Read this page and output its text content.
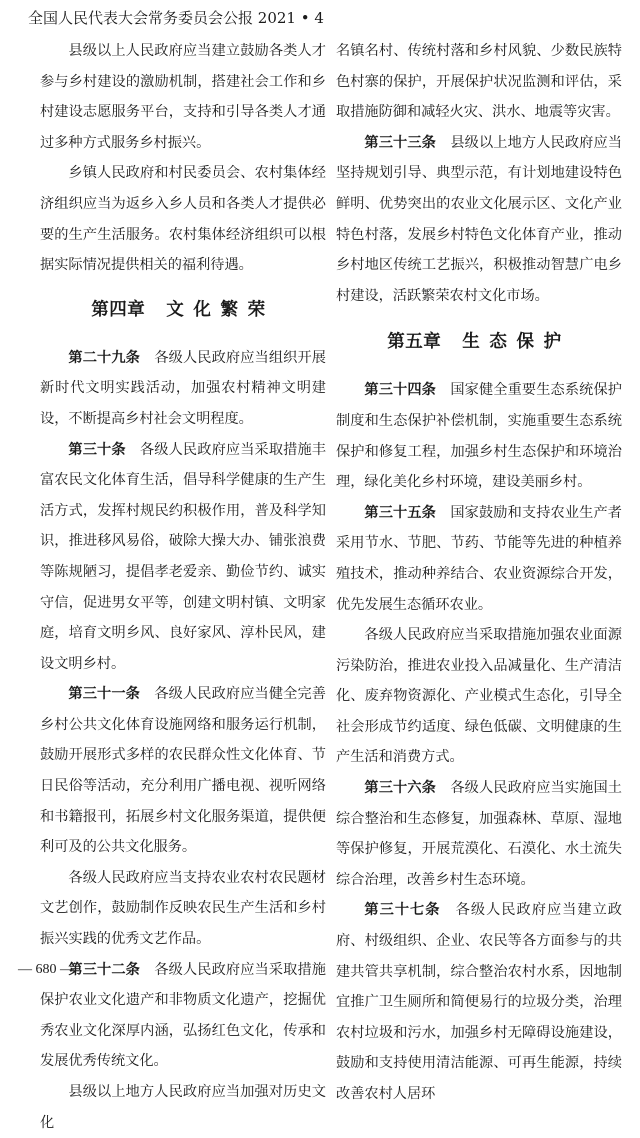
全国人民代表大会常务委员会公报 2021 • 4

县级以上人民政府应当建立鼓励各类人才参与乡村建设的激励机制，搭建社会工作和乡村建设志愿服务平台，支持和引导各类人才通过多种方式服务乡村振兴。

乡镇人民政府和村民委员会、农村集体经济组织应当为返乡入乡人员和各类人才提供必要的生产生活服务。农村集体经济组织可以根据实际情况提供相关的福利待遇。

第四章 文化繁荣

第二十九条　 各级人民政府应当组织开展新时代文明实践活动，加强农村精神文明建设，不断提高乡村社会文明程度。

第三十条　 各级人民政府应当采取措施丰富农民文化体育生活，倡导科学健康的生产生活方式，发挥村规民约积极作用，普及科学知识，推进移风易俗，破除大操大办、铺张浪费等陈规陋习，提倡孝老爱亲、勤俭节约、诚实守信，促进男女平等，创建文明村镇、文明家庭，培育文明乡风、良好家风、淳朴民风，建设文明乡村。

第三十一条　 各级人民政府应当健全完善乡村公共文化体育设施网络和服务运行机制，鼓励开展形式多样的农民群众性文化体育、节日民俗等活动，充分利用广播电视、视听网络和书籍报刊，拓展乡村文化服务渠道，提供便利可及的公共文化服务。

各级人民政府应当支持农业农村农民题材文艺创作，鼓励制作反映农民生产生活和乡村振兴实践的优秀文艺作品。

第三十二条　 各级人民政府应当采取措施保护农业文化遗产和非物质文化遗产，挖掘优秀农业文化深厚内涵，弘扬红色文化，传承和发展优秀传统文化。

县级以上地方人民政府应当加强对历史文化

名镇名村、传统村落和乡村风貌、少数民族特色村寨的保护，开展保护状况监测和评估，采取措施防御和减轻火灾、洪水、地震等灾害。

第三十三条　 县级以上地方人民政府应当坚持规划引导、典型示范，有计划地建设特色鲜明、优势突出的农业文化展示区、文化产业特色村落，发展乡村特色文化体育产业，推动乡村地区传统工艺振兴，积极推动智慧广电乡村建设，活跃繁荣农村文化市场。

第五章 生态保护

第三十四条　 国家健全重要生态系统保护制度和生态保护补偿机制，实施重要生态系统保护和修复工程，加强乡村生态保护和环境治理，绿化美化乡村环境，建设美丽乡村。

第三十五条　 国家鼓励和支持农业生产者采用节水、节肥、节药、节能等先进的种植养殖技术，推动种养结合、农业资源综合开发，优先发展生态循环农业。

各级人民政府应当采取措施加强农业面源污染防治，推进农业投入品减量化、生产清洁化、废弃物资源化、产业模式生态化，引导全社会形成节约适度、绿色低碳、文明健康的生产生活和消费方式。

第三十六条　 各级人民政府应当实施国土综合整治和生态修复，加强森林、草原、湿地等保护修复，开展荒漠化、石漠化、水土流失综合治理，改善乡村生态环境。

第三十七条　 各级人民政府应当建立政府、村级组织、企业、农民等各方面参与的共建共管共享机制，综合整治农村水系，因地制宜推广卫生厕所和简便易行的垃圾分类，治理农村垃圾和污水，加强乡村无障碍设施建设，鼓励和支持使用清洁能源、可再生能源，持续改善农村人居环

— 680 —
